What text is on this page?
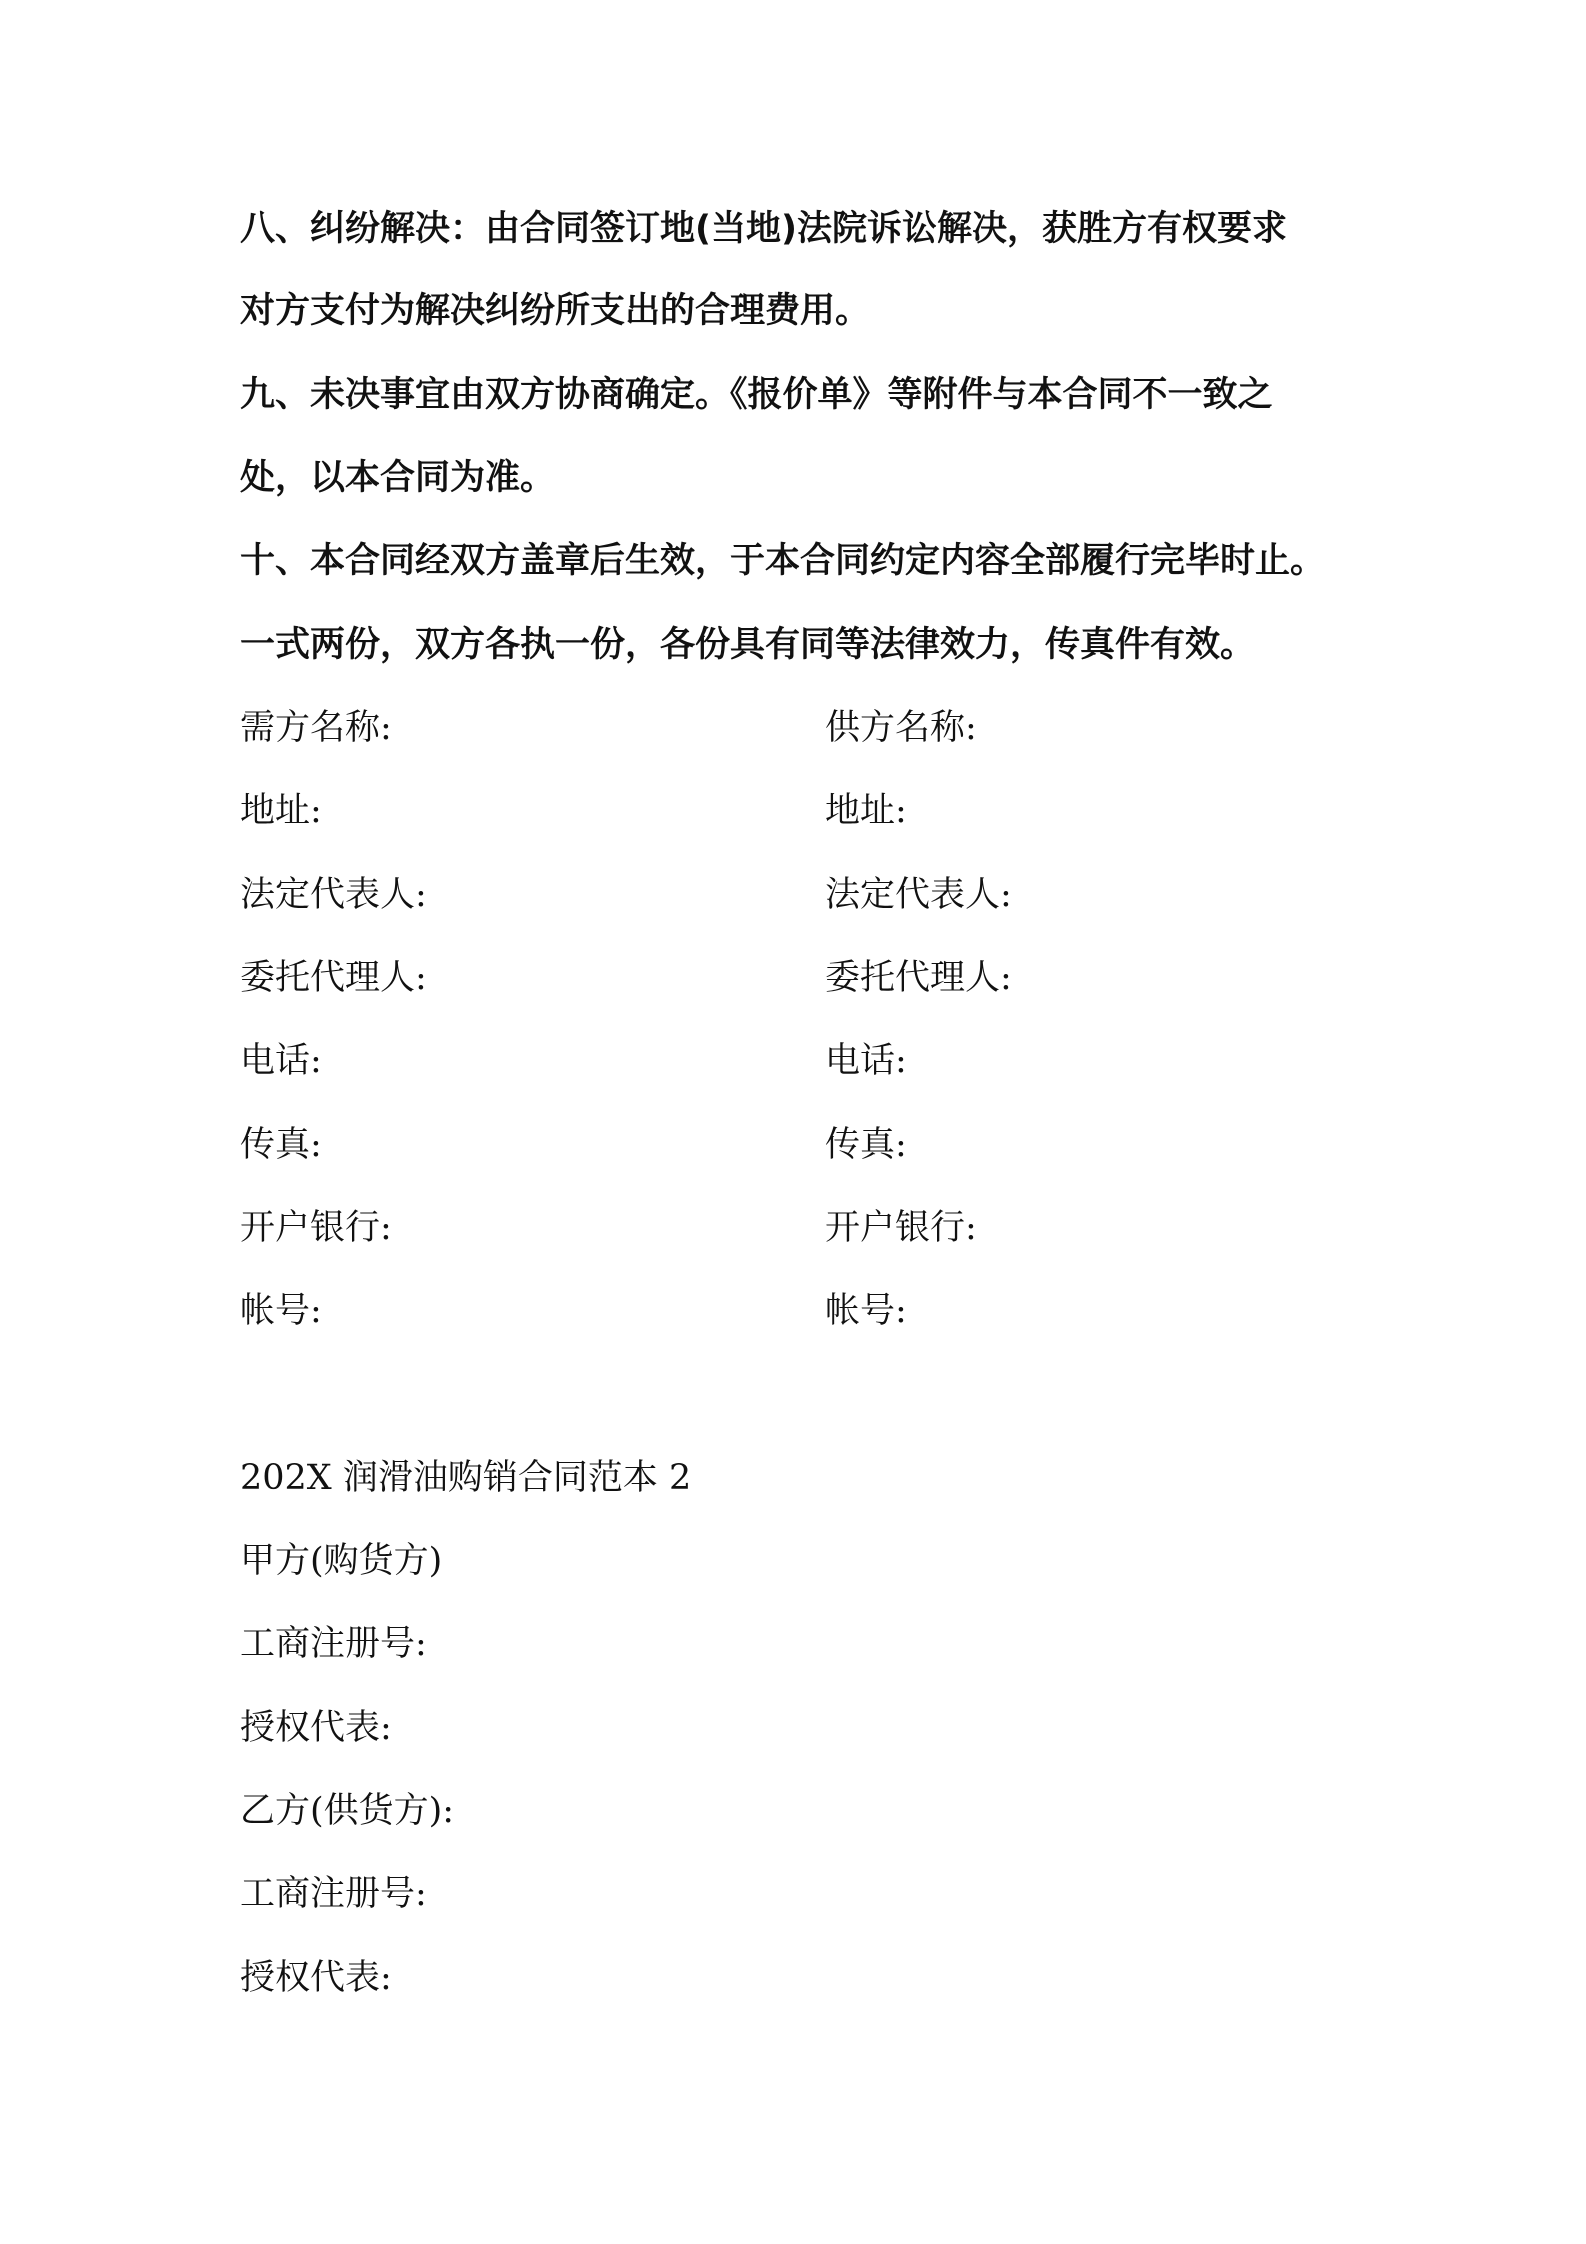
八、纠纷解决：由合同签订地(当地)法院诉讼解决，获胜方有权要求
对方支付为解决纠纷所支出的合理费用。
九、未决事宜由双方协商确定。《报价单》等附件与本合同不一致之
处，以本合同为准。
十、本合同经双方盖章后生效，于本合同约定内容全部履行完毕时止。
一式两份，双方各执一份，各份具有同等法律效力，传真件有效。
需方名称:	供方名称:
地址:	地址:
法定代表人:	法定代表人:
委托代理人:	委托代理人:
电话:	电话:
传真:	传真:
开户银行:	开户银行:
帐号:	帐号:
202X 润滑油购销合同范本 2
甲方(购货方)
工商注册号:
授权代表:
乙方(供货方):
工商注册号:
授权代表:
